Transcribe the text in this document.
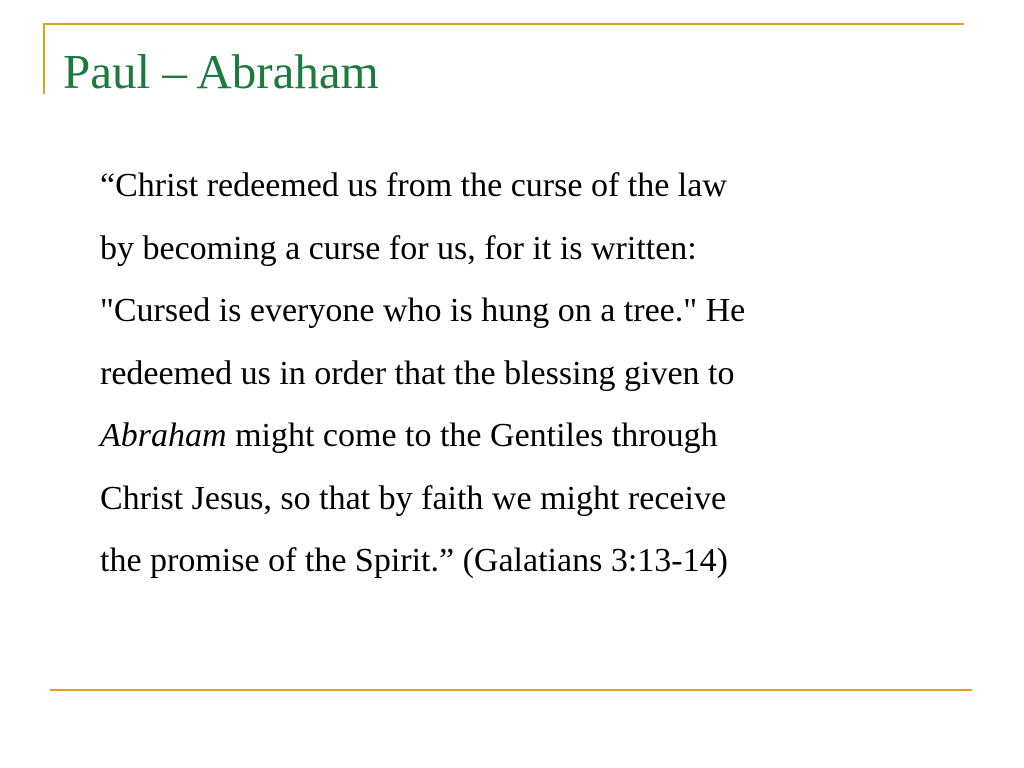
Paul – Abraham
“Christ redeemed us from the curse of the law
by becoming a curse for us, for it is written:
"Cursed is everyone who is hung on a tree." He
redeemed us in order that the blessing given to
Abraham might come to the Gentiles through
Christ Jesus, so that by faith we might receive
the promise of the Spirit.” (Galatians 3:13-14)
